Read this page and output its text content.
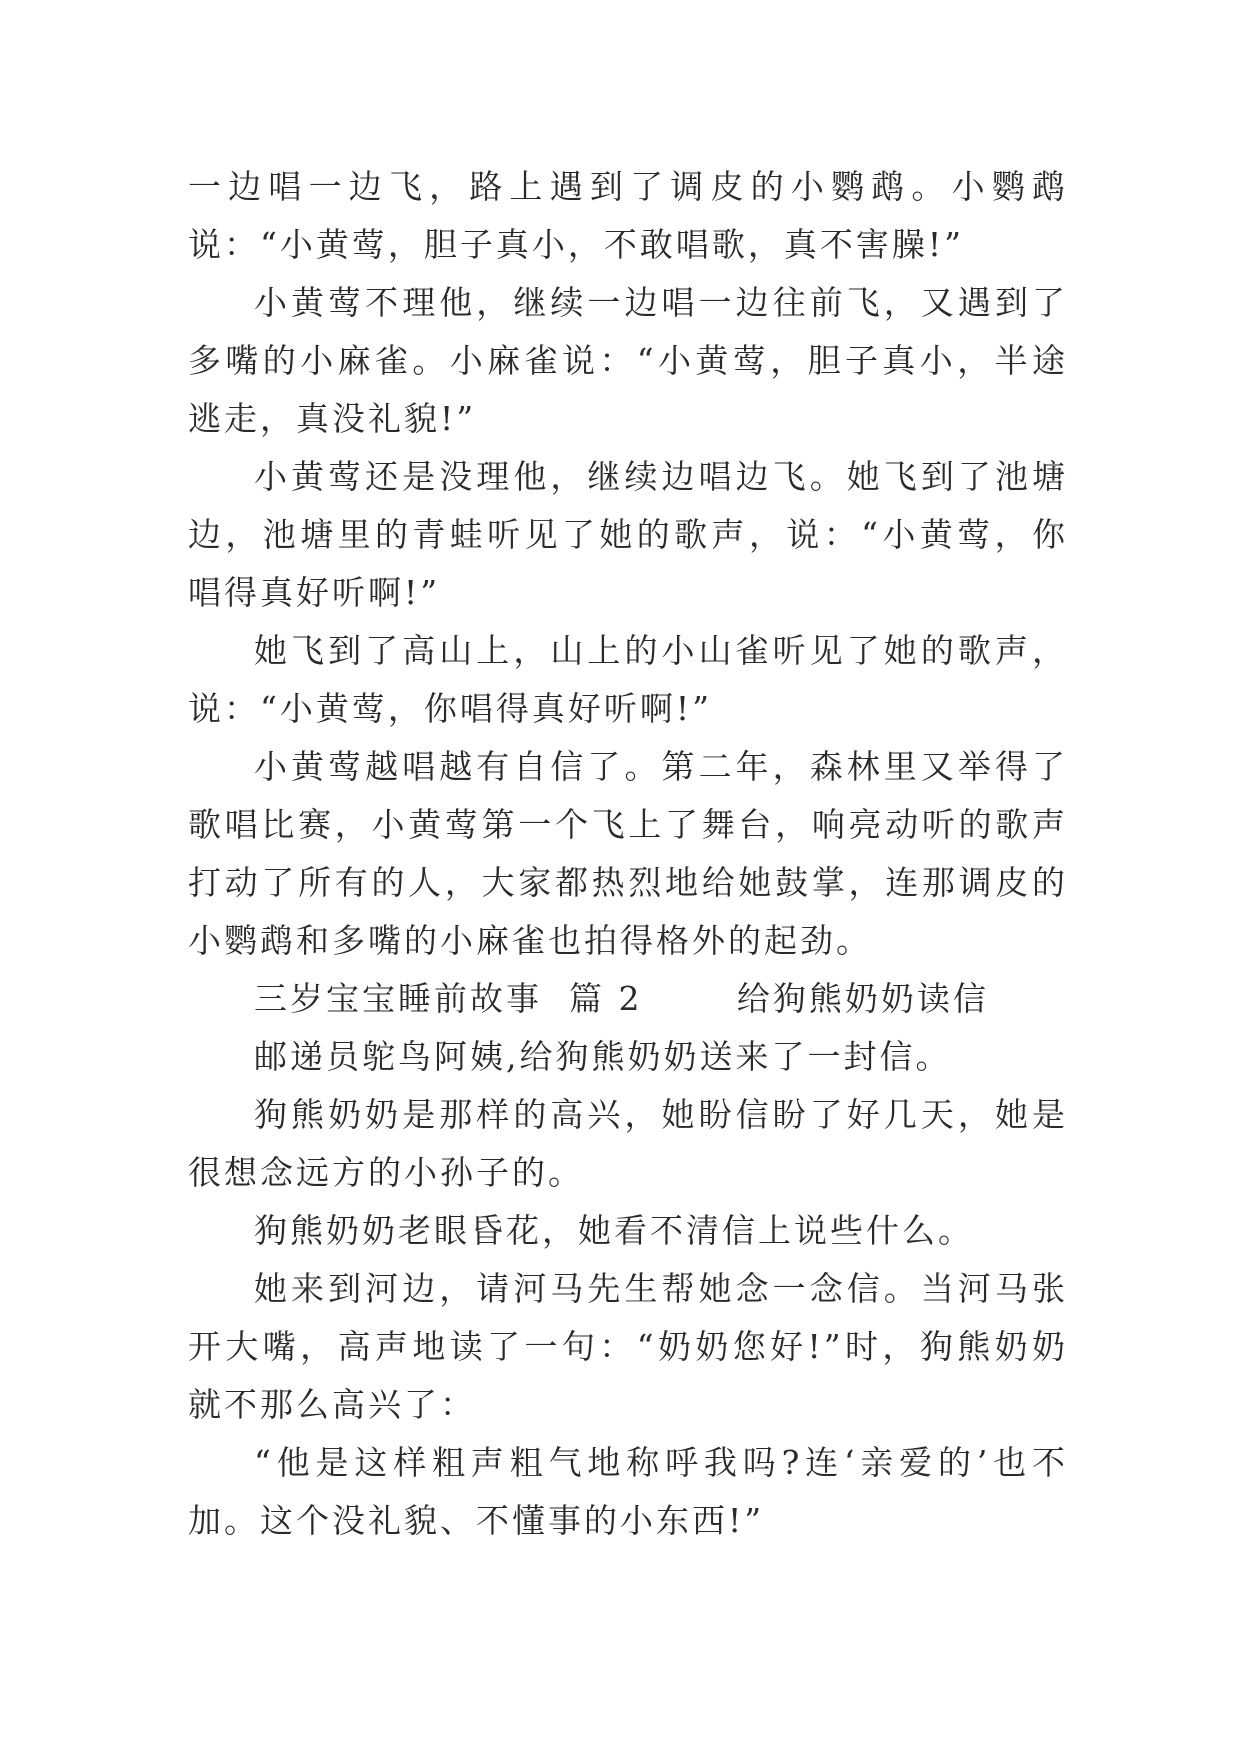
一边唱一边飞，路上遇到了调皮的小鹦鹉。小鹦鹉说：“小黄莺，胆子真小，不敢唱歌，真不害臊!”

小黄莺不理他，继续一边唱一边往前飞，又遇到了多嘴的小麻雀。小麻雀说：“小黄莺，胆子真小，半途逃走，真没礼貌!”

小黄莺还是没理他，继续边唱边飞。她飞到了池塘边，池塘里的青蛙听见了她的歌声，说：“小黄莺，你唱得真好听啊!”

她飞到了高山上，山上的小山雀听见了她的歌声，说：“小黄莺，你唱得真好听啊!”

小黄莺越唱越有自信了。第二年，森林里又举得了歌唱比赛，小黄莺第一个飞上了舞台，响亮动听的歌声打动了所有的人，大家都热烈地给她鼓掌，连那调皮的小鹦鹉和多嘴的小麻雀也拍得格外的起劲。

三岁宝宝睡前故事  篇 2       给狗熊奶奶读信

邮递员鸵鸟阿姨,给狗熊奶奶送来了一封信。

狗熊奶奶是那样的高兴，她盼信盼了好几天，她是很想念远方的小孙子的。

狗熊奶奶老眼昏花，她看不清信上说些什么。

她来到河边，请河马先生帮她念一念信。当河马张开大嘴，高声地读了一句：“奶奶您好!”时，狗熊奶奶就不那么高兴了：

“他是这样粗声粗气地称呼我吗?连‘亲爱的’也不加。这个没礼貌、不懂事的小东西!”
